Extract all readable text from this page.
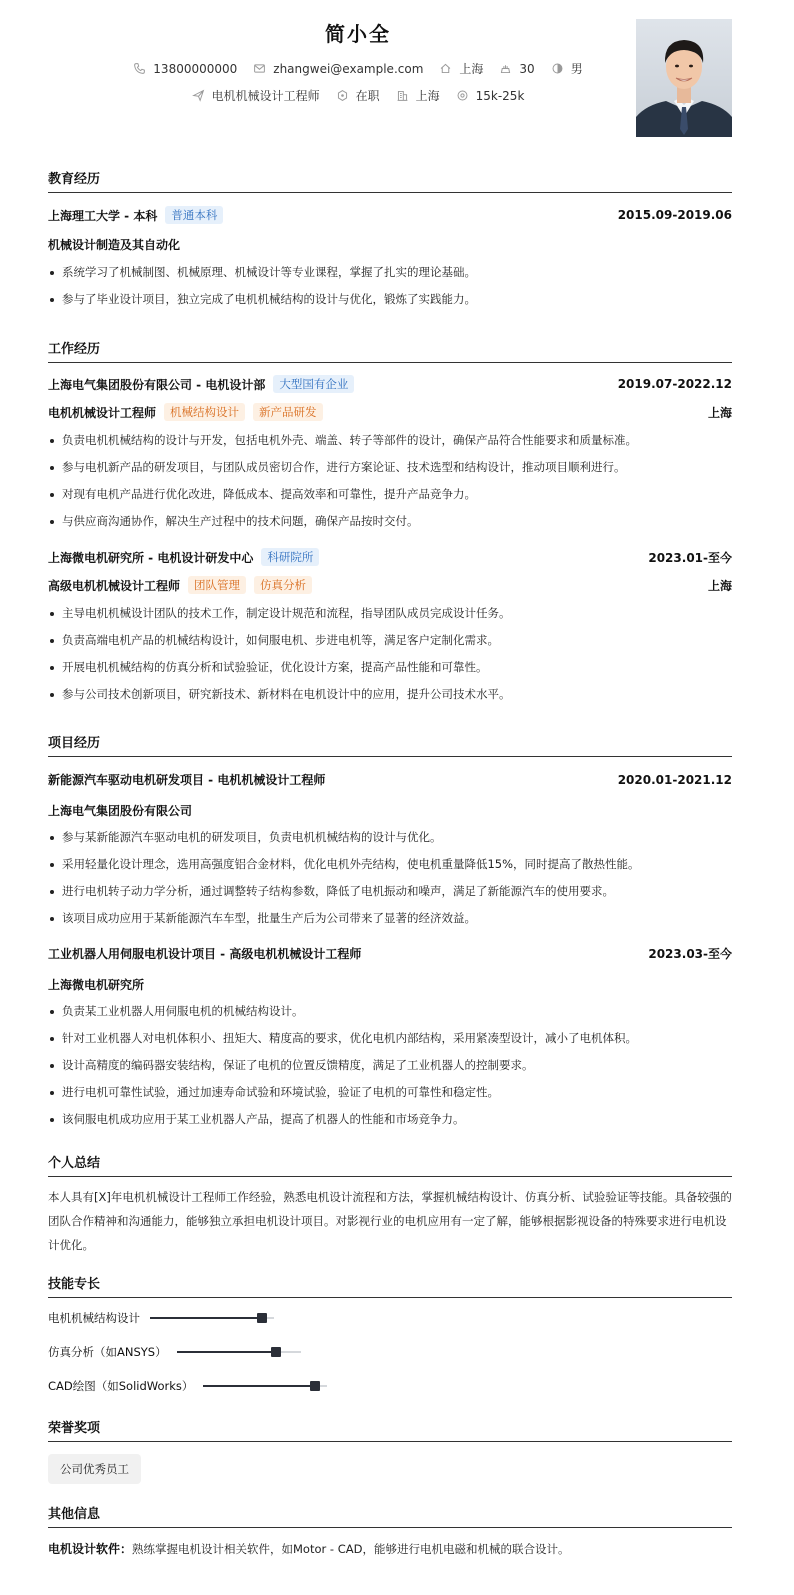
简小全
13800000000	zhangwei@example.com	上海	30	男
电机机械设计工程师	在职	上海	15k-25k
教育经历
上海理工大学 - 本科	普通本科	2015.09-2019.06
机械设计制造及其自动化
系统学习了机械制图、机械原理、机械设计等专业课程，掌握了扎实的理论基础。
参与了毕业设计项目，独立完成了电机机械结构的设计与优化，锻炼了实践能力。
工作经历
上海电气集团股份有限公司 - 电机设计部	大型国有企业	2019.07-2022.12
电机机械设计工程师	机械结构设计	新产品研发	上海
负责电机机械结构的设计与开发，包括电机外壳、端盖、转子等部件的设计，确保产品符合性能要求和质量标准。
参与电机新产品的研发项目，与团队成员密切合作，进行方案论证、技术选型和结构设计，推动项目顺利进行。
对现有电机产品进行优化改进，降低成本、提高效率和可靠性，提升产品竞争力。
与供应商沟通协作，解决生产过程中的技术问题，确保产品按时交付。
上海微电机研究所 - 电机设计研发中心	科研院所	2023.01-至今
高级电机机械设计工程师	团队管理	仿真分析	上海
主导电机机械设计团队的技术工作，制定设计规范和流程，指导团队成员完成设计任务。
负责高端电机产品的机械结构设计，如伺服电机、步进电机等，满足客户定制化需求。
开展电机机械结构的仿真分析和试验验证，优化设计方案，提高产品性能和可靠性。
参与公司技术创新项目，研究新技术、新材料在电机设计中的应用，提升公司技术水平。
项目经历
新能源汽车驱动电机研发项目 - 电机机械设计工程师	2020.01-2021.12
上海电气集团股份有限公司
参与某新能源汽车驱动电机的研发项目，负责电机机械结构的设计与优化。
采用轻量化设计理念，选用高强度铝合金材料，优化电机外壳结构，使电机重量降低15%，同时提高了散热性能。
进行电机转子动力学分析，通过调整转子结构参数，降低了电机振动和噪声，满足了新能源汽车的使用要求。
该项目成功应用于某新能源汽车车型，批量生产后为公司带来了显著的经济效益。
工业机器人用伺服电机设计项目 - 高级电机机械设计工程师	2023.03-至今
上海微电机研究所
负责某工业机器人用伺服电机的机械结构设计。
针对工业机器人对电机体积小、扭矩大、精度高的要求，优化电机内部结构，采用紧凑型设计，减小了电机体积。
设计高精度的编码器安装结构，保证了电机的位置反馈精度，满足了工业机器人的控制要求。
进行电机可靠性试验，通过加速寿命试验和环境试验，验证了电机的可靠性和稳定性。
该伺服电机成功应用于某工业机器人产品，提高了机器人的性能和市场竞争力。
个人总结
本人具有[X]年电机机械设计工程师工作经验，熟悉电机设计流程和方法，掌握机械结构设计、仿真分析、试验验证等技能。具备较强的团队合作精神和沟通能力，能够独立承担电机设计项目。对影视行业的电机应用有一定了解，能够根据影视设备的特殊要求进行电机设计优化。
技能专长
电机机械结构设计
仿真分析（如ANSYS）
CAD绘图（如SolidWorks）
荣誉奖项
公司优秀员工
其他信息
电机设计软件：熟练掌握电机设计相关软件，如Motor - CAD，能够进行电机电磁和机械的联合设计。
